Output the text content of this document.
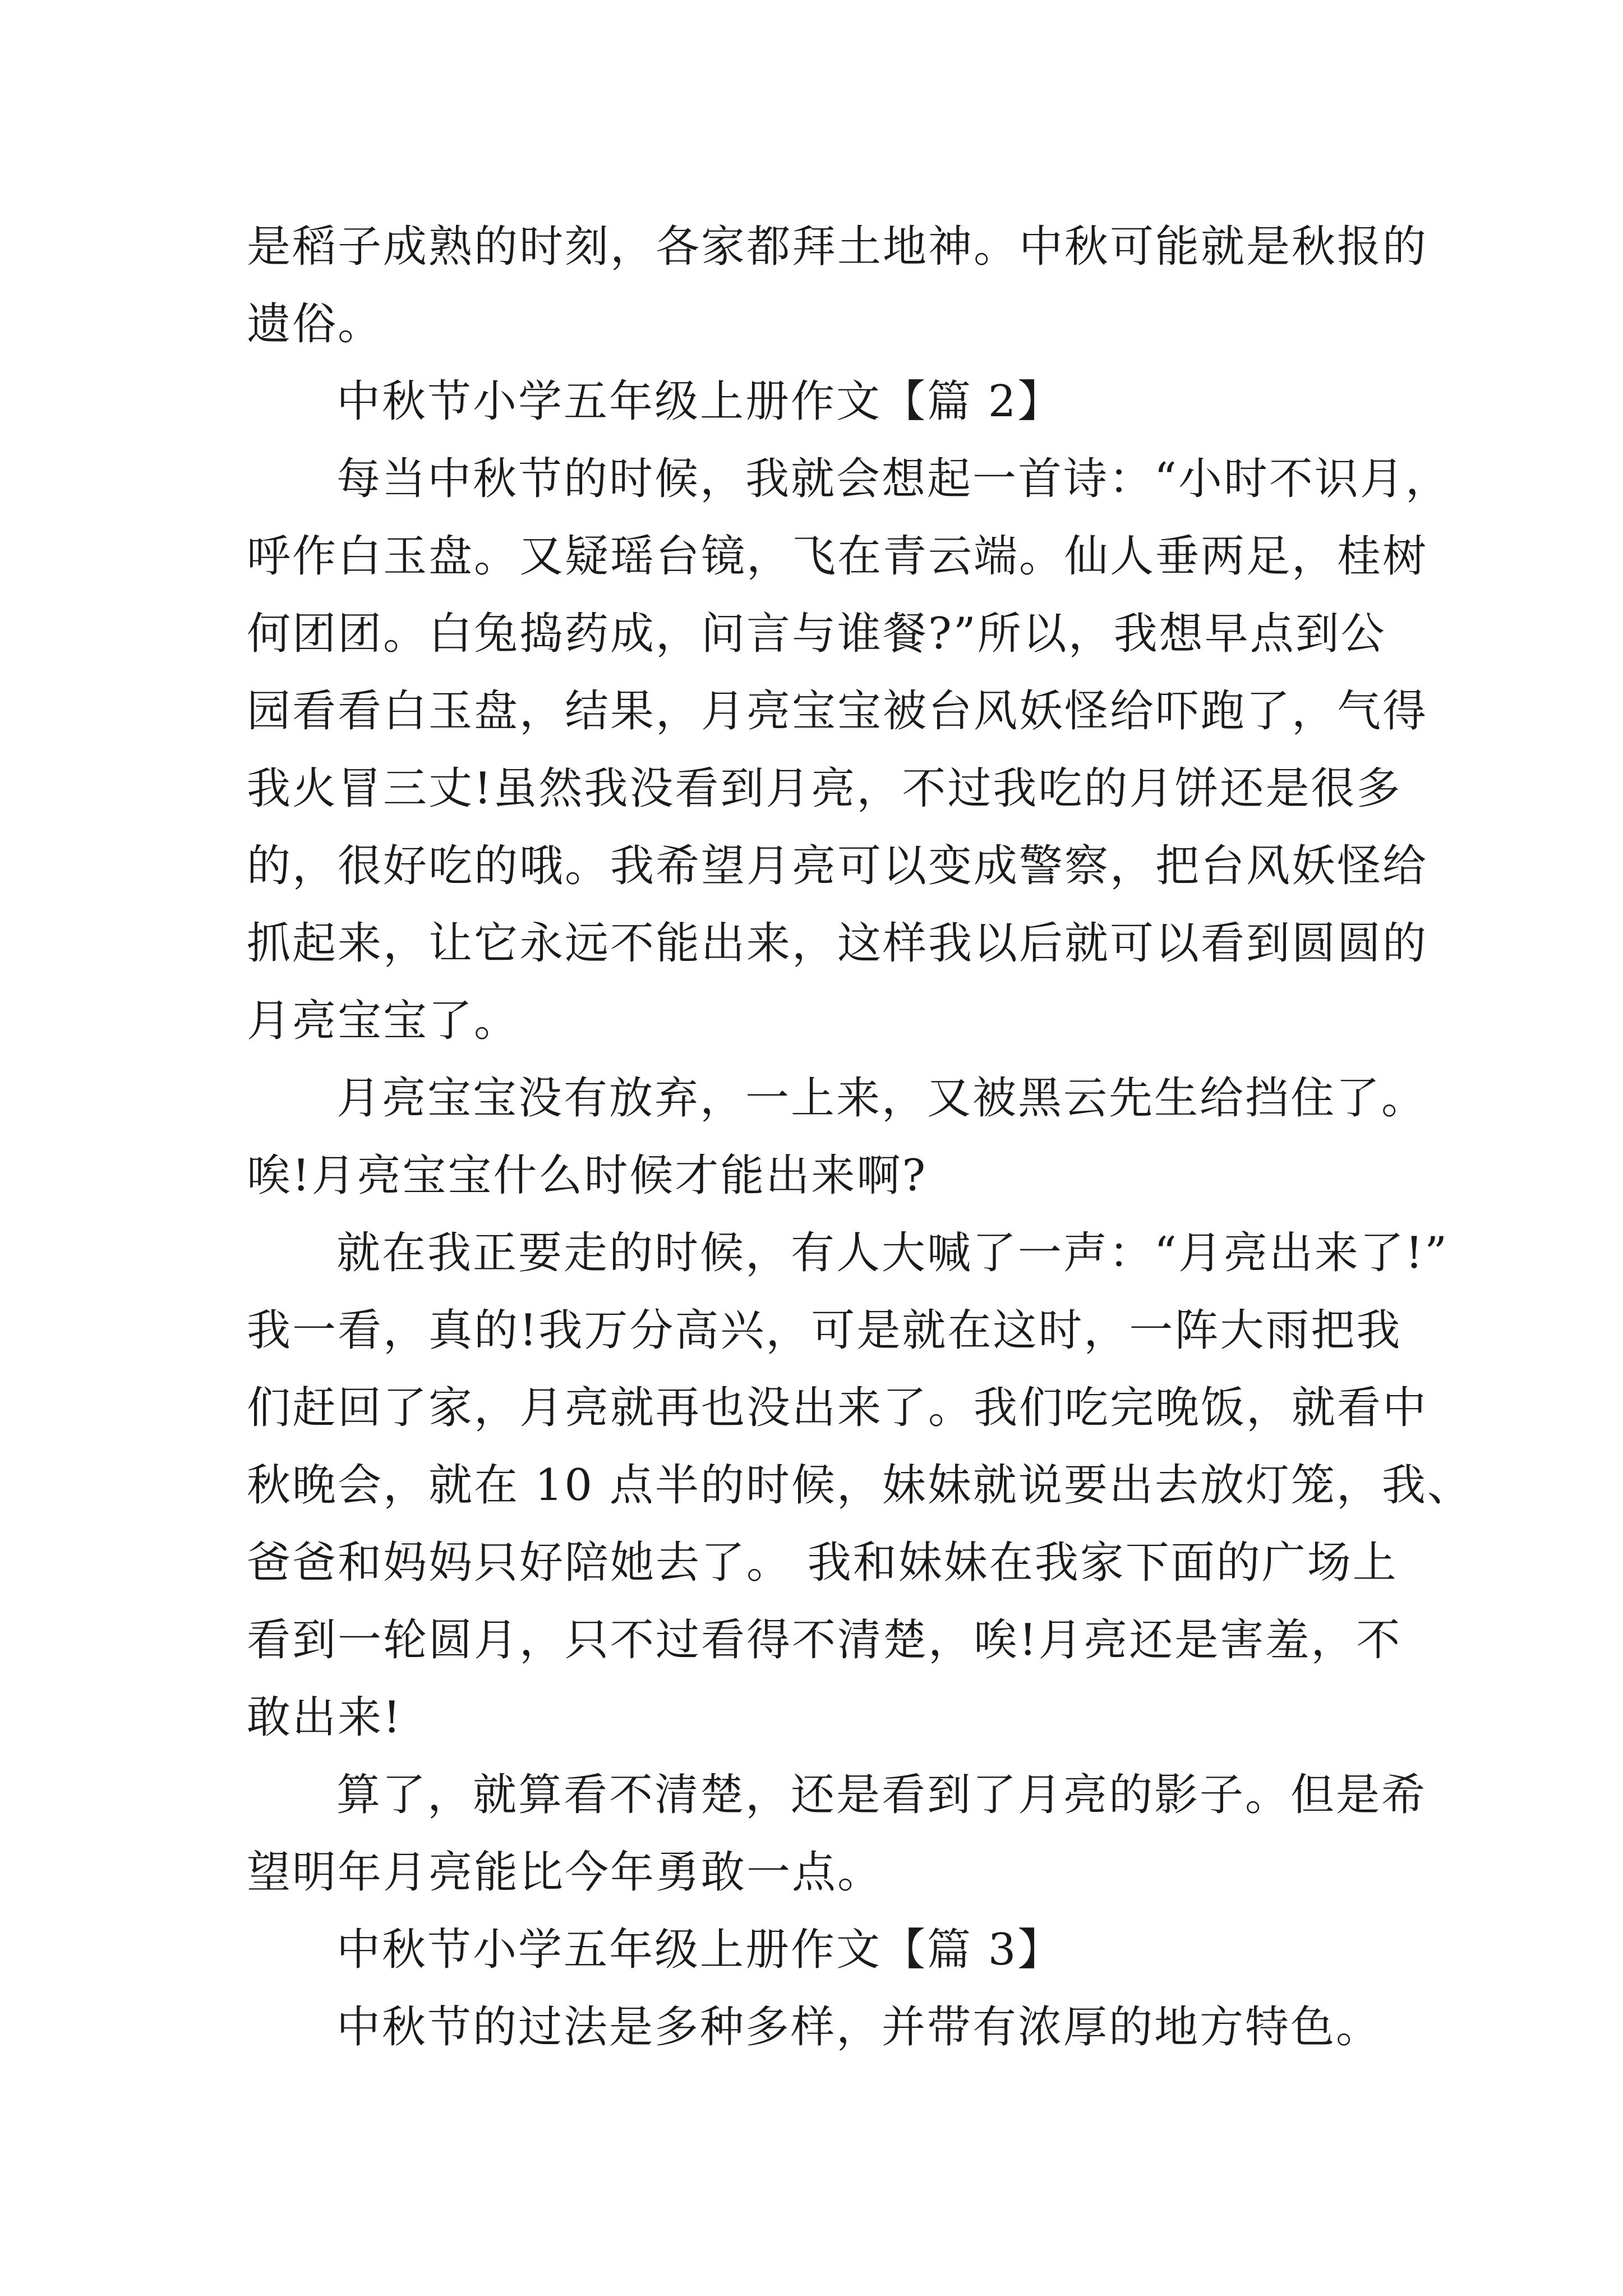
是稻子成熟的时刻，各家都拜土地神。中秋可能就是秋报的
遗俗。
中秋节小学五年级上册作文【篇 2】
每当中秋节的时候，我就会想起一首诗：“小时不识月，
呼作白玉盘。又疑瑶台镜，飞在青云端。仙人垂两足，桂树
何团团。白兔捣药成，问言与谁餐?”所以，我想早点到公
园看看白玉盘，结果，月亮宝宝被台风妖怪给吓跑了，气得
我火冒三丈!虽然我没看到月亮，不过我吃的月饼还是很多
的，很好吃的哦。我希望月亮可以变成警察，把台风妖怪给
抓起来，让它永远不能出来，这样我以后就可以看到圆圆的
月亮宝宝了。
月亮宝宝没有放弃，一上来，又被黑云先生给挡住了。
唉!月亮宝宝什么时候才能出来啊?
就在我正要走的时候，有人大喊了一声：“月亮出来了!”
我一看，真的!我万分高兴，可是就在这时，一阵大雨把我
们赶回了家，月亮就再也没出来了。我们吃完晚饭，就看中
秋晚会，就在 10 点半的时候，妹妹就说要出去放灯笼，我、
爸爸和妈妈只好陪她去了。 我和妹妹在我家下面的广场上
看到一轮圆月，只不过看得不清楚，唉!月亮还是害羞，不
敢出来!
算了，就算看不清楚，还是看到了月亮的影子。但是希
望明年月亮能比今年勇敢一点。
中秋节小学五年级上册作文【篇 3】
中秋节的过法是多种多样，并带有浓厚的地方特色。
